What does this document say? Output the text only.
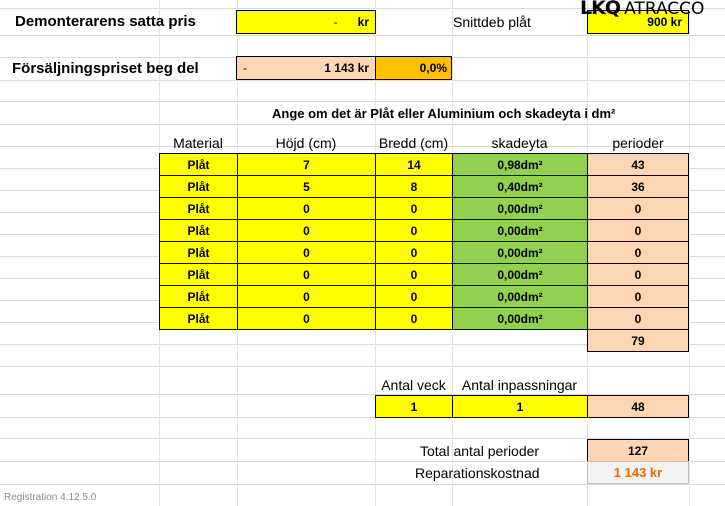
Demonterarens satta pris	- kr	Snittdeb plåt	900 kr
LKQ ATRACCO
Försäljningspriset beg del	-	1 143 kr	0,0%
Ange om det är Plåt eller Aluminium och skadeyta i dm²
Material	Höjd (cm)	Bredd (cm)	skadeyta	perioder
Plåt	7	14	0,98dm²	43
Plåt	5	8	0,40dm²	36
Plåt	0	0	0,00dm²	0
Plåt	0	0	0,00dm²	0
Plåt	0	0	0,00dm²	0
Plåt	0	0	0,00dm²	0
Plåt	0	0	0,00dm²	0
Plåt	0	0	0,00dm²	0
79
Antal veck	Antal inpassningar
1	1	48
Total antal perioder	127
Reparationskostnad	1 143 kr
Registration 4.12.5.0
